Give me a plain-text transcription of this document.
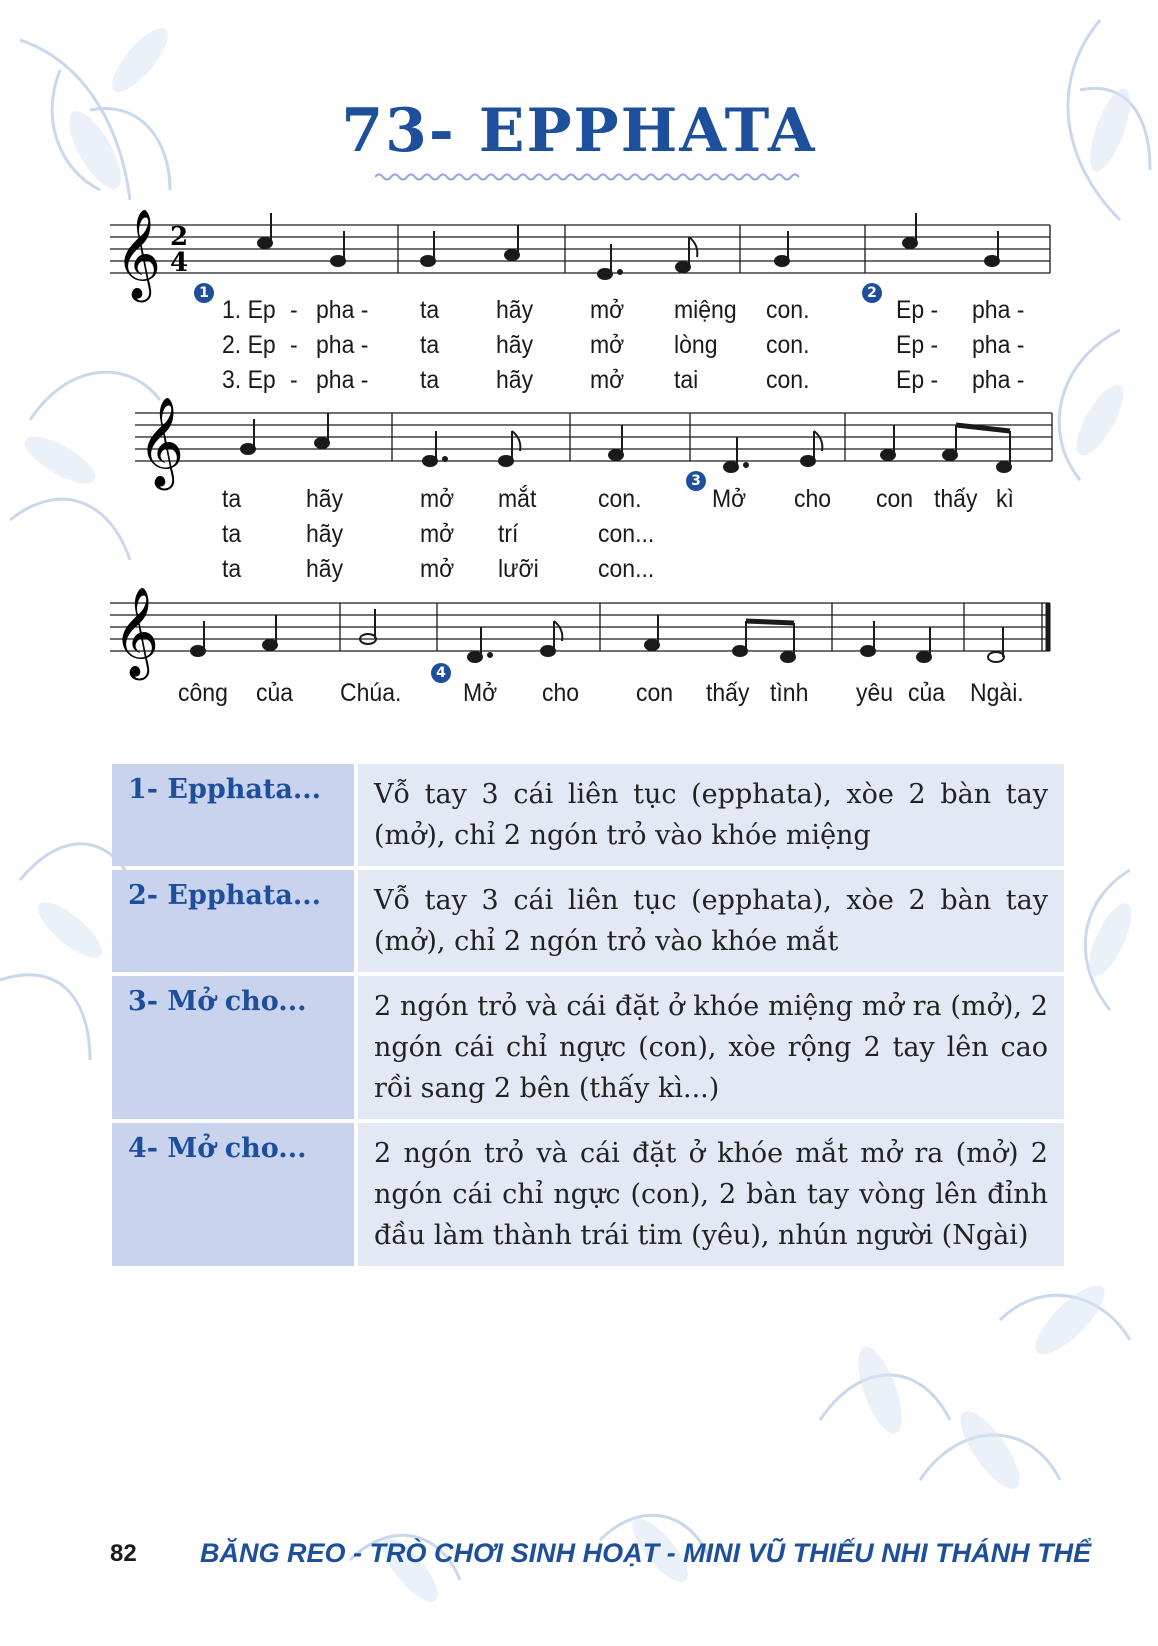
73- EPPHATA
𝄞 2
4
𝄞
𝄞
1	2
3
4
1. Ep - pha - ta hãy mở miệng con.	Ep - pha -
2. Ep - pha - ta hãy mở lòng con.	Ep - pha -
3. Ep - pha - ta hãy mở tai	con.	Ep - pha -
ta	hãy	mở mắt con.	Mở cho con thấy kì
ta	hãy	mở trí	con...
ta	hãy	mở lưỡi con...
công của Chúa. Mở cho con thấy tình yêu của Ngài.
1- Epphata...	Vỗ tay 3 cái liên tục (epphata), xòe 2 bàn tay (mở), chỉ 2 ngón trỏ vào khóe miệng
2- Epphata...	Vỗ tay 3 cái liên tục (epphata), xòe 2 bàn tay (mở), chỉ 2 ngón trỏ vào khóe mắt
3- Mở cho...	2 ngón trỏ và cái đặt ở khóe miệng mở ra (mở), 2 ngón cái chỉ ngực (con), xòe rộng 2 tay lên cao rồi sang 2 bên (thấy kì...)
4- Mở cho...	2 ngón trỏ và cái đặt ở khóe mắt mở ra (mở) 2 ngón cái chỉ ngực (con), 2 bàn tay vòng lên đỉnh đầu làm thành trái tim (yêu), nhún người (Ngài)
82 BĂNG REO - TRÒ CHƠI SINH HOẠT - MINI VŨ THIẾU NHI THÁNH THỂ
